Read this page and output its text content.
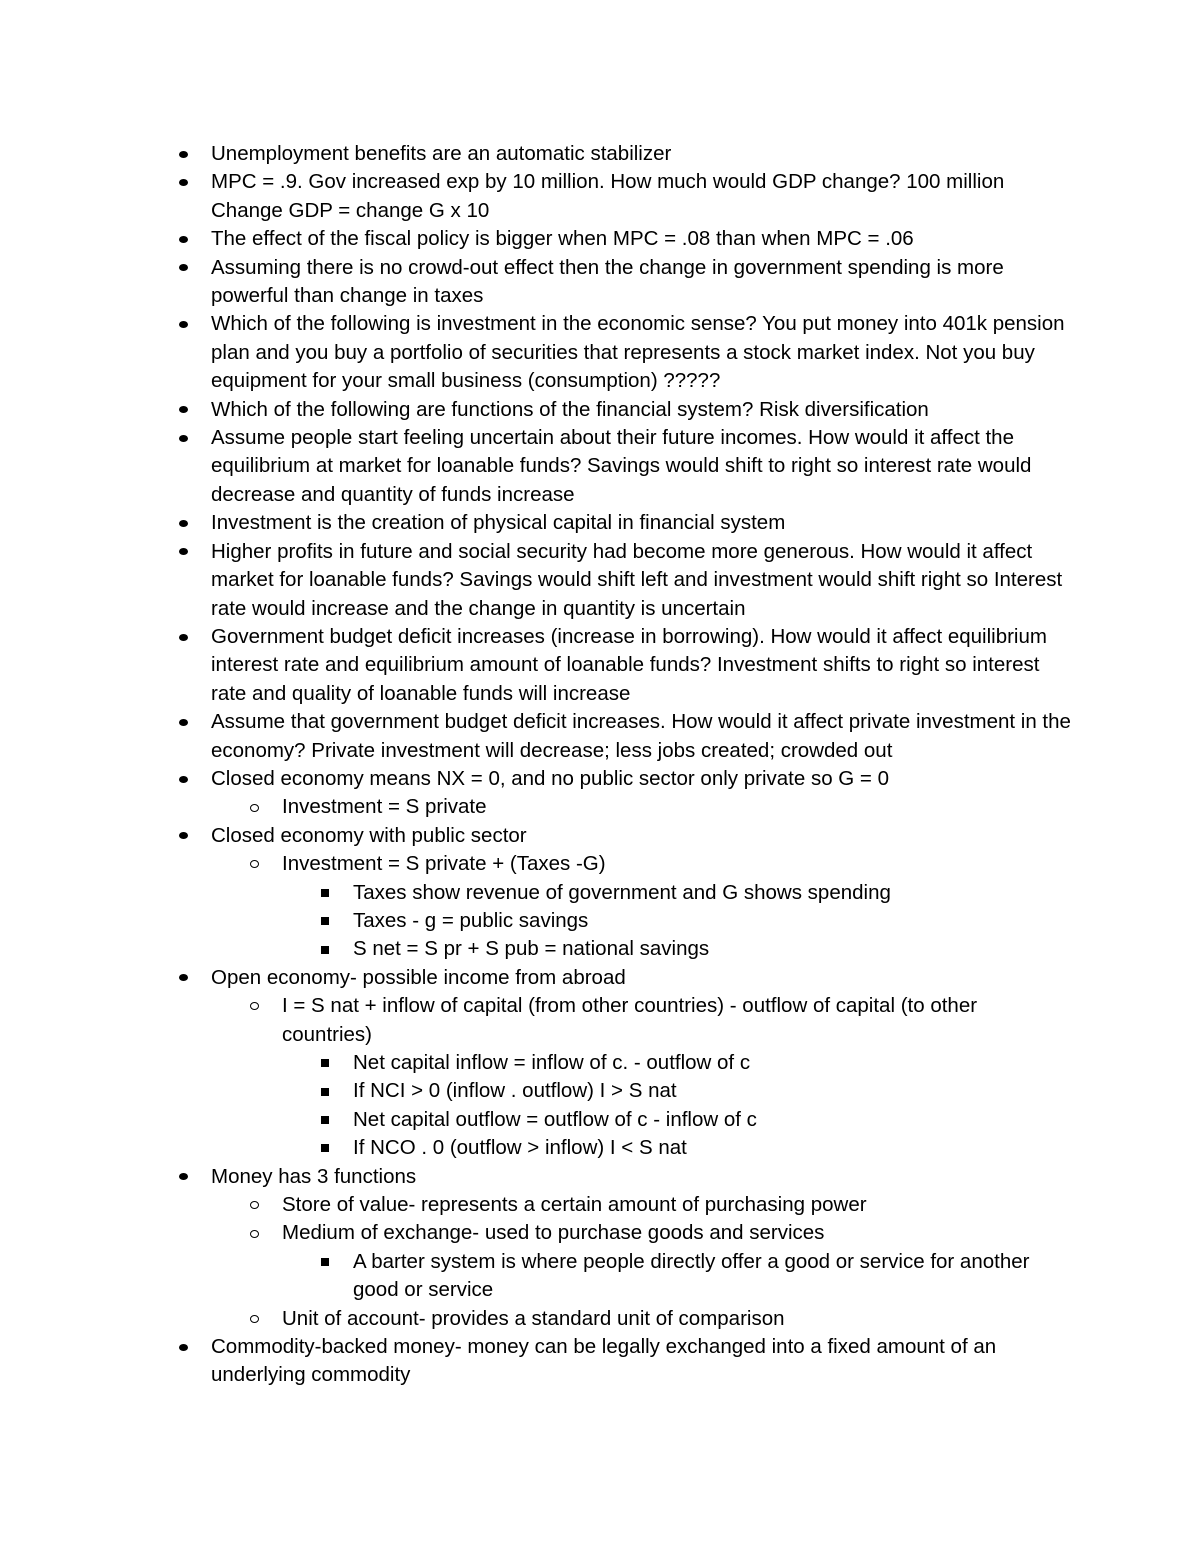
Unemployment benefits are an automatic stabilizer
MPC = .9. Gov increased exp by 10 million. How much would GDP change? 100 million Change GDP = change G x 10
The effect of the fiscal policy is bigger when MPC = .08 than when MPC = .06
Assuming there is no crowd-out effect then the change in government spending is more powerful than change in taxes
Which of the following is investment in the economic sense? You put money into 401k pension plan and you buy a portfolio of securities that represents a stock market index. Not you buy equipment for your small business (consumption) ?????
Which of the following are functions of the financial system? Risk diversification
Assume people start feeling uncertain about their future incomes. How would it affect the equilibrium at market for loanable funds? Savings would shift to right so interest rate would decrease and quantity of funds increase
Investment is the creation of physical capital in financial system
Higher profits in future and social security had become more generous. How would it affect market for loanable funds? Savings would shift left and investment would shift right so Interest rate would increase and the change in quantity is uncertain
Government budget deficit increases (increase in borrowing). How would it affect equilibrium interest rate and equilibrium amount of loanable funds? Investment shifts to right so interest rate and quality of loanable funds will increase
Assume that government budget deficit increases. How would it affect private investment in the economy? Private investment will decrease; less jobs created; crowded out
Closed economy means NX = 0, and no public sector only private so G = 0
Investment = S private
Closed economy with public sector
Investment = S private + (Taxes -G)
Taxes show revenue of government and G shows spending
Taxes - g = public savings
S net = S pr + S pub = national savings
Open economy- possible income from abroad
I = S nat + inflow of capital (from other countries) - outflow of capital (to other countries)
Net capital inflow = inflow of c. - outflow of c
If NCI > 0 (inflow . outflow) I > S nat
Net capital outflow = outflow of c - inflow of c
If NCO . 0 (outflow > inflow) I < S nat
Money has 3 functions
Store of value- represents a certain amount of purchasing power
Medium of exchange- used to purchase goods and services
A barter system is where people directly offer a good or service for another good or service
Unit of account- provides a standard unit of comparison
Commodity-backed money- money can be legally exchanged into a fixed amount of an underlying commodity
